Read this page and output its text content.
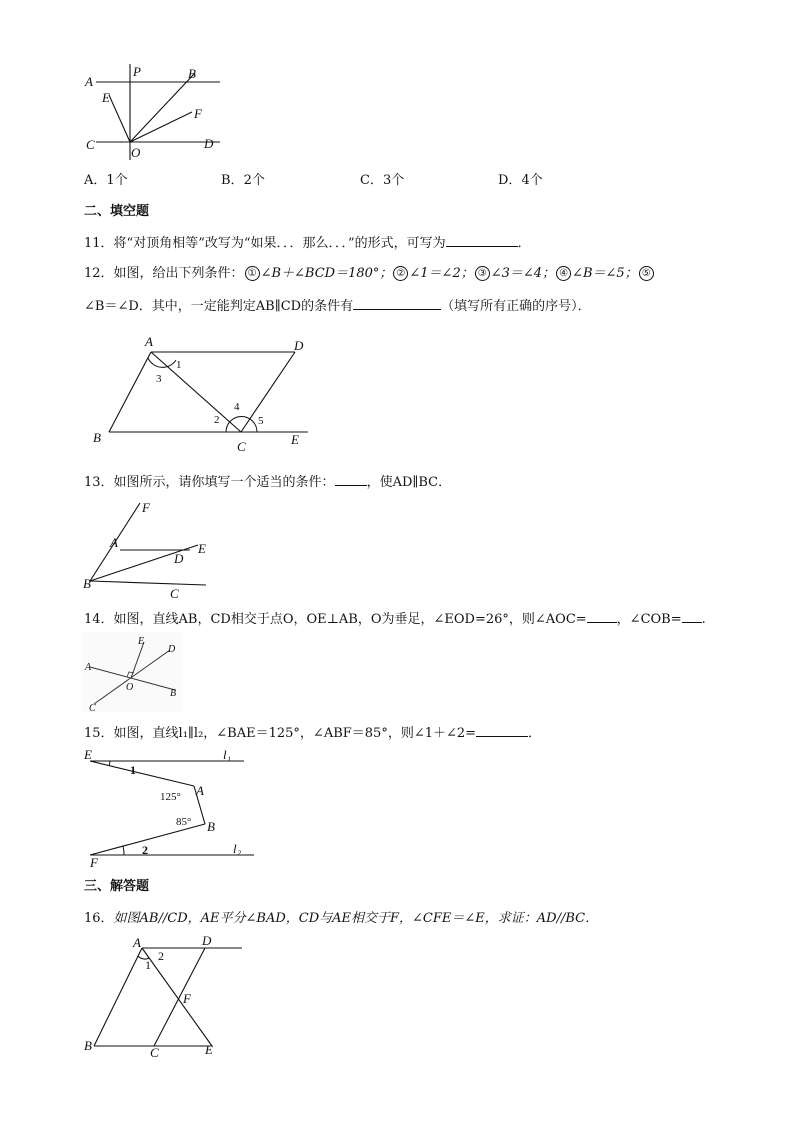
A
P	B
E
F
C
O
D
A．1个	B．2个	C．3个	D．4个
二、填空题
11．将“对顶角相等”改写为“如果．．．那么．．．”的形式，可写为	．
12．如图，给出下列条件： ① ∠B＋∠BCD＝180°； ② ∠1＝∠2； ③ ∠3＝∠4； ④ ∠B＝∠5； ⑤
∠B＝∠D．其中，一定能判定AB∥CD的条件有	（填写所有正确的序号）．
A	D
1
3
2
4
5
B
C	E
13．如图所示，请你填写一个适当的条件： ，使AD∥BC．
F
A
D
E
B
C
14．如图，直线AB，CD相交于点O，OE⊥AB，O为垂足，∠EOD=26°，则∠AOC= ，∠COB= .
E
D
A
O
B
C
15．如图，直线l₁∥l₂，∠BAE＝125°，∠ABF＝85°，则∠1＋∠2=	．
E	l₁
1
125° A
85° B
F
2	l₂
三、解答题
16．如图AB//CD，AE平分∠BAD，CD与AE相交于F，∠CFE＝∠E，求证：AD//BC．
A	D
2
1
F
B	C	E
